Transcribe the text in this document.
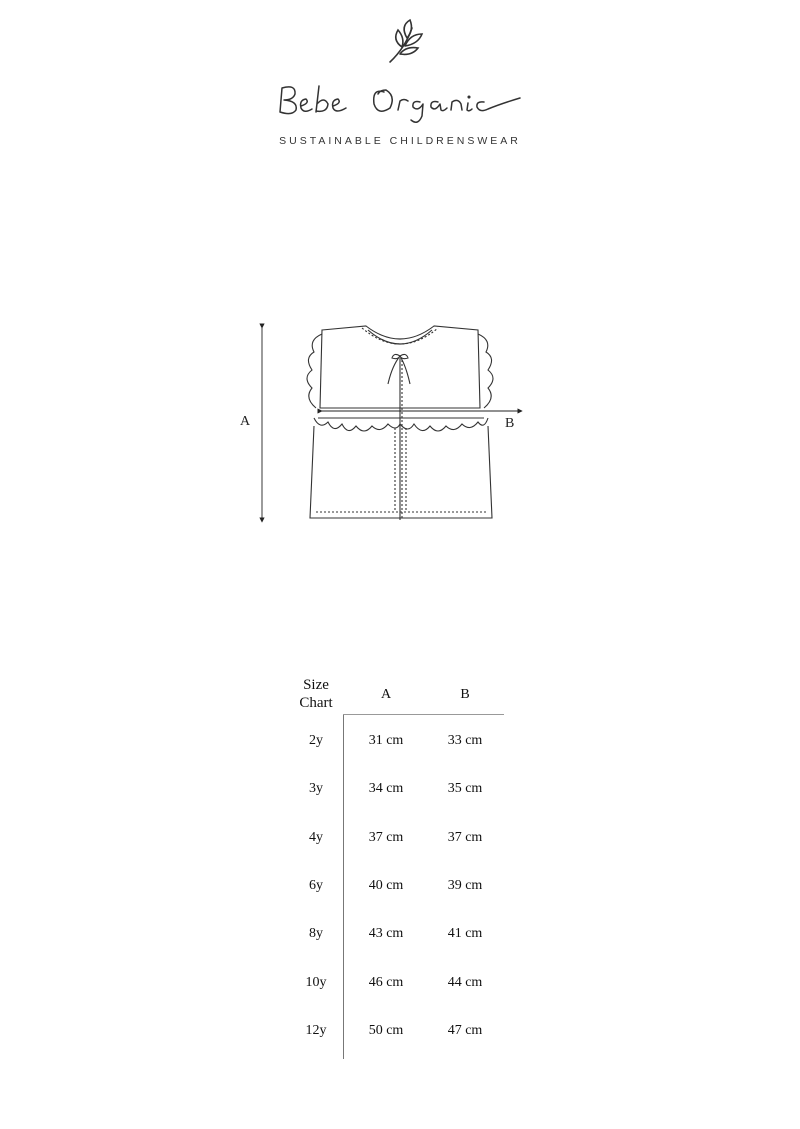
SUSTAINABLE CHILDRENSWEAR
A	B
Size
Chart
A	B
2y	31 cm	33 cm
3y	34 cm	35 cm
4y	37 cm	37 cm
6y	40 cm	39 cm
8y	43 cm	41 cm
10y	46 cm	44 cm
12y	50 cm	47 cm
